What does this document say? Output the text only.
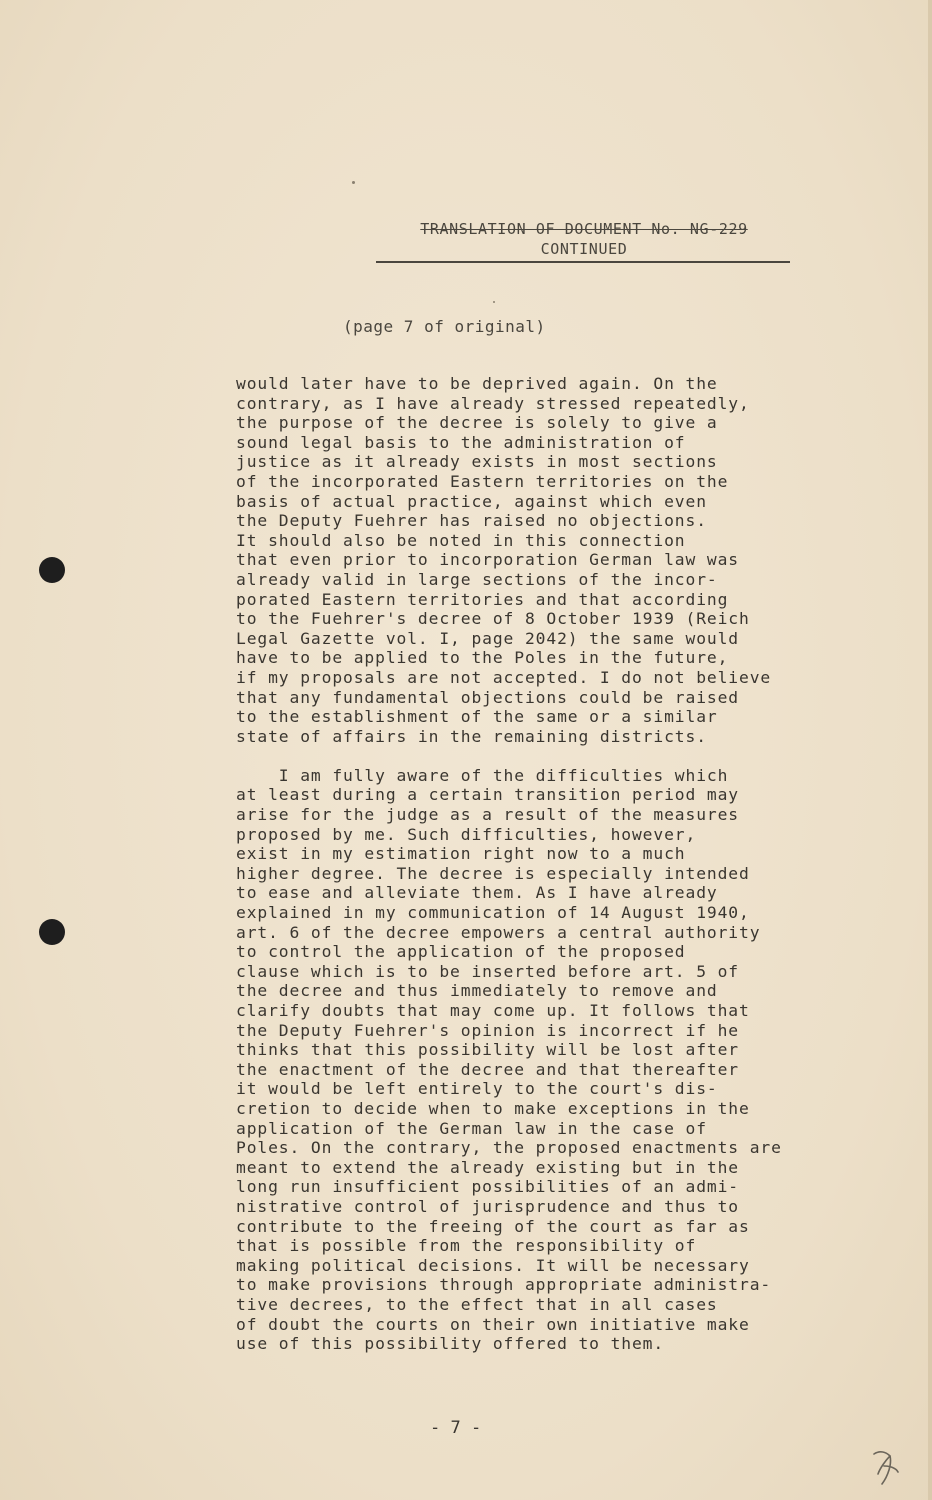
TRANSLATION OF DOCUMENT No. NG-229
CONTINUED
(page 7 of original)
would later have to be deprived again. On the
contrary, as I have already stressed repeatedly,
the purpose of the decree is solely to give a
sound legal basis to the administration of
justice as it already exists in most sections
of the incorporated Eastern territories on the
basis of actual practice, against which even
the Deputy Fuehrer has raised no objections.
It should also be noted in this connection
that even prior to incorporation German law was
already valid in large sections of the incor-
porated Eastern territories and that according
to the Fuehrer's decree of 8 October 1939 (Reich
Legal Gazette vol. I, page 2042) the same would
have to be applied to the Poles in the future,
if my proposals are not accepted. I do not believe
that any fundamental objections could be raised
to the establishment of the same or a similar
state of affairs in the remaining districts.
I am fully aware of the difficulties which
at least during a certain transition period may
arise for the judge as a result of the measures
proposed by me. Such difficulties, however,
exist in my estimation right now to a much
higher degree. The decree is especially intended
to ease and alleviate them. As I have already
explained in my communication of 14 August 1940,
art. 6 of the decree empowers a central authority
to control the application of the proposed
clause which is to be inserted before art. 5 of
the decree and thus immediately to remove and
clarify doubts that may come up. It follows that
the Deputy Fuehrer's opinion is incorrect if he
thinks that this possibility will be lost after
the enactment of the decree and that thereafter
it would be left entirely to the court's dis-
cretion to decide when to make exceptions in the
application of the German law in the case of
Poles. On the contrary, the proposed enactments are
meant to extend the already existing but in the
long run insufficient possibilities of an admi-
nistrative control of jurisprudence and thus to
contribute to the freeing of the court as far as
that is possible from the responsibility of
making political decisions. It will be necessary
to make provisions through appropriate administra-
tive decrees, to the effect that in all cases
of doubt the courts on their own initiative make
use of this possibility offered to them.
- 7 -
